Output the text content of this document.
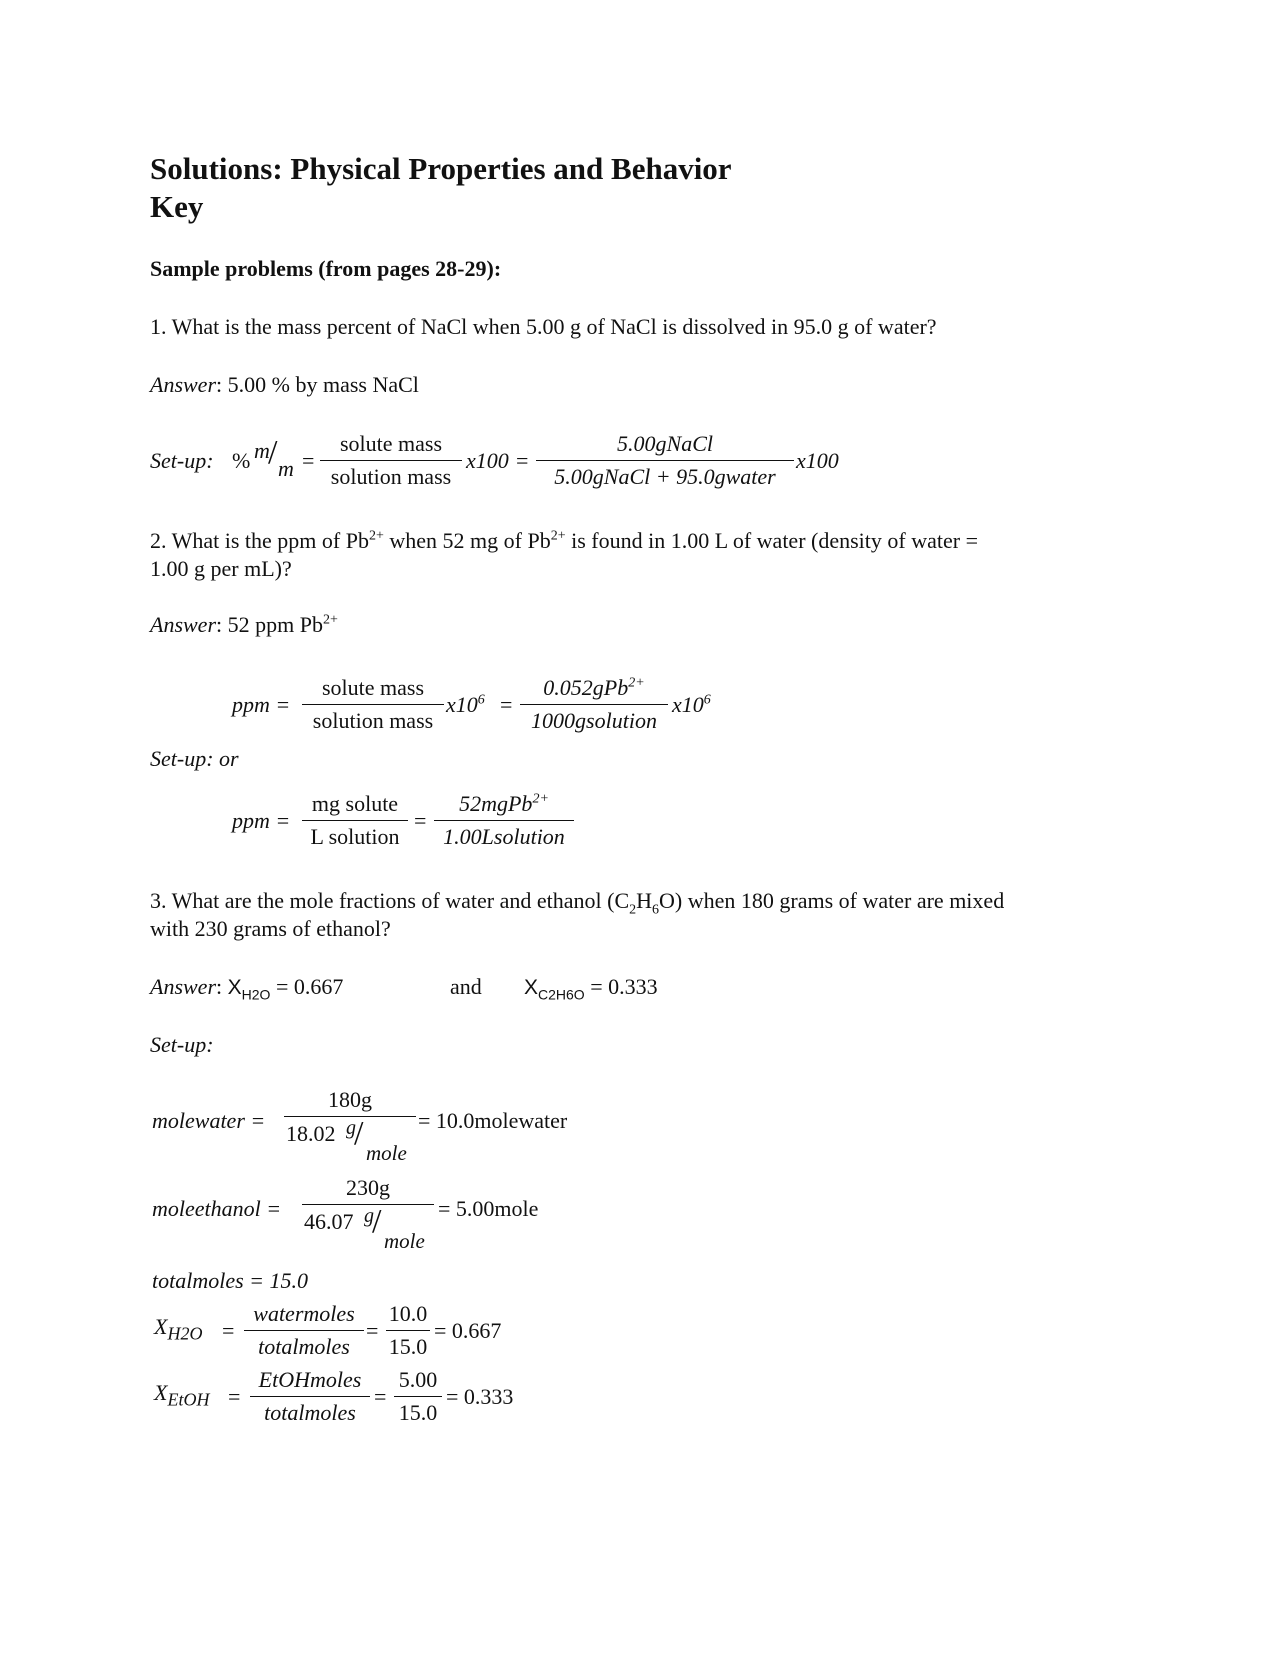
Solutions: Physical Properties and Behavior
Key
Sample problems (from pages 28-29):
1. What is the mass percent of NaCl when 5.00 g of NaCl is dissolved in 95.0 g of water?
Answer: 5.00 % by mass NaCl
Set-up: % m
/ m =
solute mass
solution mass
x100 =
5.00gNaCl
5.00gNaCl + 95.0gwater
x100
2. What is the ppm of $Pb^{2+}$ when 52 mg of $Pb^{2+}$ is found in 1.00 L of water (density of water =
1.00 g per mL)?
Answer: 52 ppm $Pb^{2+}$
ppm =
solute mass
solution mass
$x10^6$ =
0.052gPb$^{2+}$
1000gsolution
$x10^6$
Set-up: or
ppm =
mg solute
L solution
=
52mgPb$^{2+}$
1.00Lsolution
3. What are the mole fractions of water and ethanol $(C_2H_6O)$ when 180 grams of water are mixed
with 230 grams of ethanol?
Answer: $X_{H2O} = 0.667$	and $X_{C2H6O} = 0.333$
Set-up:
molewater =
180g
18.02 g
/
mole
= 10.0molewater
moleethanol =
230g
46.07 g
/
mole
= 5.00mole
totalmoles = 15.0
$X_{H2O}$ =
watermoles
totalmoles
=
10.0
15.0
= 0.667
$X_{EtOH}$ =
EtOHmoles
totalmoles
=
5.00
15.0
= 0.333
